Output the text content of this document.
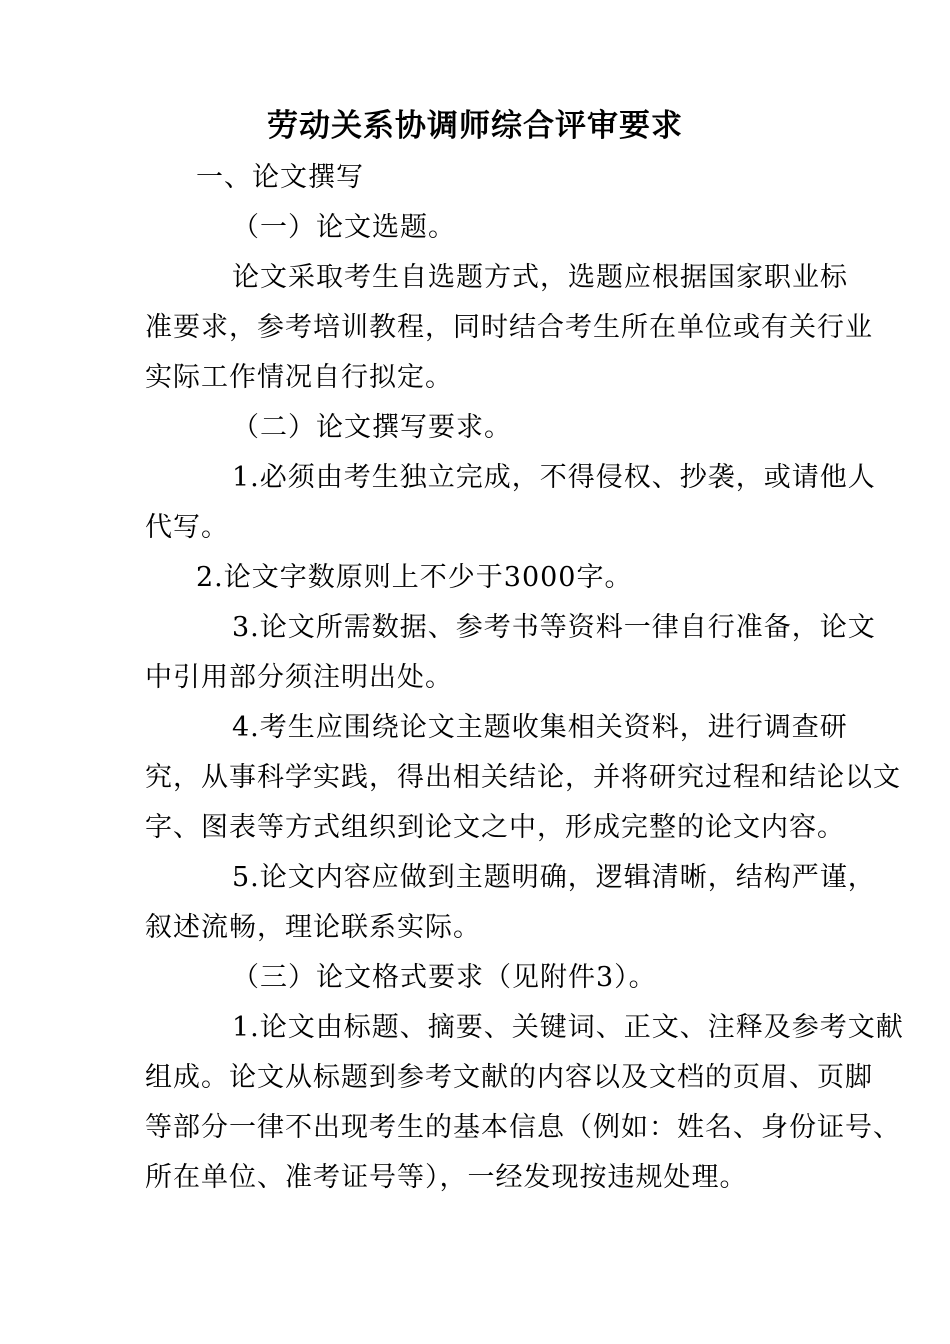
劳动关系协调师综合评审要求
一、论文撰写
（一）论文选题。
论文采取考生自选题方式，选题应根据国家职业标
准要求，参考培训教程，同时结合考生所在单位或有关行业
实际工作情况自行拟定。
（二）论文撰写要求。
1.必须由考生独立完成，不得侵权、抄袭，或请他人
代写。
2.论文字数原则上不少于3000字。
3.论文所需数据、参考书等资料一律自行准备，论文
中引用部分须注明出处。
4.考生应围绕论文主题收集相关资料，进行调查研
究，从事科学实践，得出相关结论，并将研究过程和结论以文
字、图表等方式组织到论文之中，形成完整的论文内容。
5.论文内容应做到主题明确，逻辑清晰，结构严谨，
叙述流畅，理论联系实际。
（三）论文格式要求（见附件3）。
1.论文由标题、摘要、关键词、正文、注释及参考文献
组成。论文从标题到参考文献的内容以及文档的页眉、页脚
等部分一律不出现考生的基本信息（例如：姓名、身份证号、
所在单位、准考证号等），一经发现按违规处理。
